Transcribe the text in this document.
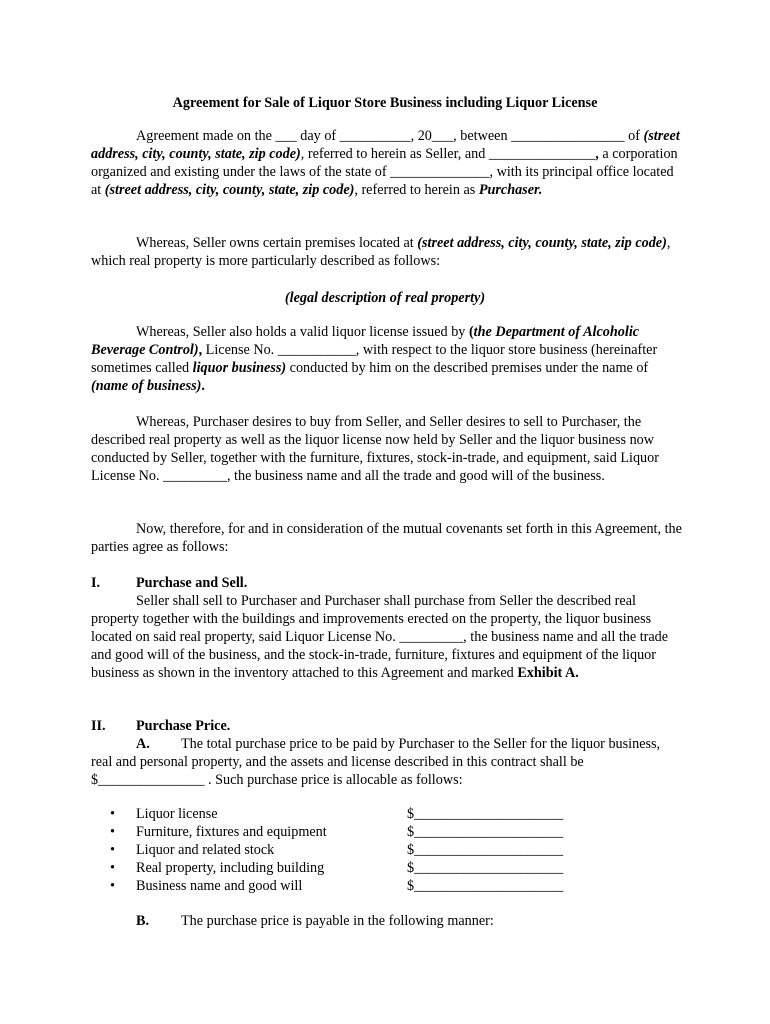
Agreement for Sale of Liquor Store Business including Liquor License

Agreement made on the ___ day of __________, 20___, between ________________ of (street address, city, county, state, zip code), referred to herein as Seller, and _______________, a corporation organized and existing under the laws of the state of ______________, with its principal office located at (street address, city, county, state, zip code), referred to herein as Purchaser.

Whereas, Seller owns certain premises located at (street address, city, county, state, zip code), which real property is more particularly described as follows:

(legal description of real property)

Whereas, Seller also holds a valid liquor license issued by (the Department of Alcoholic Beverage Control), License No. ___________, with respect to the liquor store business (hereinafter sometimes called liquor business) conducted by him on the described premises under the name of (name of business).

Whereas, Purchaser desires to buy from Seller, and Seller desires to sell to Purchaser, the described real property as well as the liquor license now held by Seller and the liquor business now conducted by Seller, together with the furniture, fixtures, stock-in-trade, and equipment, said Liquor License No. _________, the business name and all the trade and good will of the business.

Now, therefore, for and in consideration of the mutual covenants set forth in this Agreement, the parties agree as follows:

I.	Purchase and Sell.

Seller shall sell to Purchaser and Purchaser shall purchase from Seller the described real property together with the buildings and improvements erected on the property, the liquor business located on said real property, said Liquor License No. _________, the business name and all the trade and good will of the business, and the stock-in-trade, furniture, fixtures and equipment of the liquor business as shown in the inventory attached to this Agreement and marked Exhibit A.

II. Purchase Price.

A. The total purchase price to be paid by Purchaser to the Seller for the liquor business, real and personal property, and the assets and license described in this contract shall be $_______________ . Such purchase price is allocable as follows:

• Liquor license	$_____________________
• Furniture, fixtures and equipment	$_____________________
• Liquor and related stock	$_____________________
• Real property, including building	$_____________________
• Business name and good will	$_____________________
B. The purchase price is payable in the following manner:
